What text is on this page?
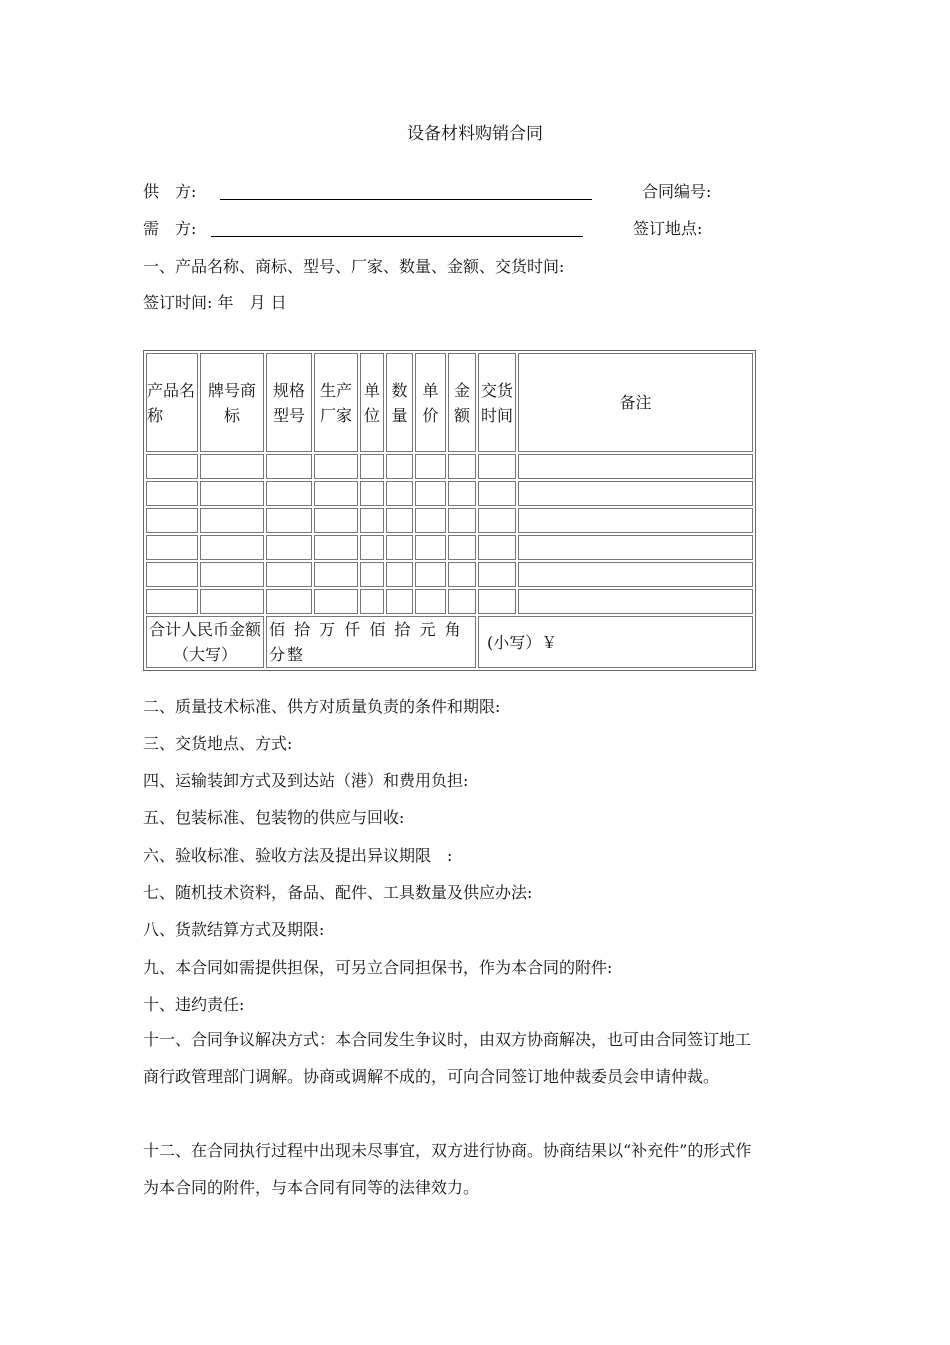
设备材料购销合同
供　方:	合同编号:
需　方:	签订地点:
一、产品名称、商标、型号、厂家、数量、金额、交货时间:
签订时间: 年　月 日
产品名称	牌号商标	规格型号	生产厂家	单位	数量	单价	金额	交货时间	备注

合计人民币金额（大写）		佰 拾 万 仟 佰 拾 元 角 分整						(小写）￥	
二、质量技术标准、供方对质量负责的条件和期限:
三、交货地点、方式:
四、运输装卸方式及到达站（港）和费用负担:
五、包装标准、包装物的供应与回收:
六、验收标准、验收方法及提出异议期限　:
七、随机技术资料，备品、配件、工具数量及供应办法:
八、货款结算方式及期限:
九、本合同如需提供担保，可另立合同担保书，作为本合同的附件:
十、违约责任:
十一、合同争议解决方式：本合同发生争议时，由双方协商解决，也可由合同签订地工商行政管理部门调解。协商或调解不成的，可向合同签订地仲裁委员会申请仲裁。
十二、在合同执行过程中出现未尽事宜，双方进行协商。协商结果以“补充件”的形式作为本合同的附件，与本合同有同等的法律效力。
